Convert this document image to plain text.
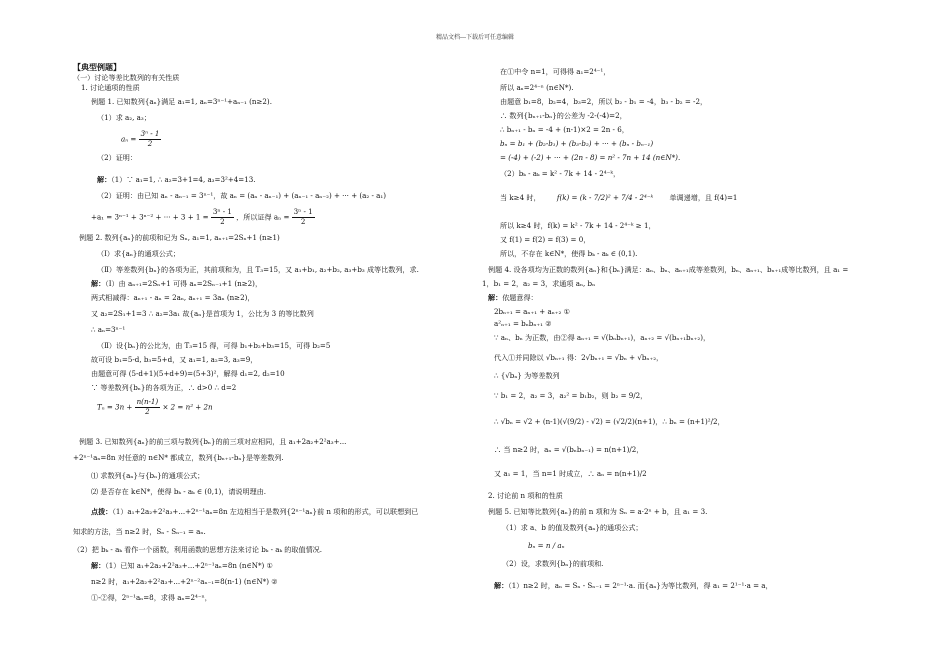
精品文档---下载后可任意编辑
【典型例题】
（一）讨论等差比数列的有关性质
1. 讨论通项的性质
例题 1. 已知数列{aₙ}满足 a₁=1, aₙ=3ⁿ⁻¹+aₙ₋₁ (n≥2).
（1）求 a₂, a₃；
$a_n = \frac{\text{3ⁿ - 1}}{2}$
（2）证明：
解：（1）∵ a₁=1, ∴ a₂=3+1=4, a₃=3²+4=13.
（2）证明：由已知 aₙ - aₙ₋₁ = 3ⁿ⁻¹，故 aₙ = (aₙ - aₙ₋₁) + (aₙ₋₁ - aₙ₋₂) + ··· + (a₂ - a₁)
+a₁ = 3ⁿ⁻¹ + 3ⁿ⁻² + ··· + $3 + 1 = \frac{\text{3ⁿ - 1}}{2}$ ，所以证得 $a_n = \frac{\text{3ⁿ - 1}}{2}$
例题 2. 数列{aₙ}的前项和记为 Sₙ, a₁=1, aₙ₊₁=2Sₙ+1 (n≥1)
（Ⅰ）求{aₙ}的通项公式；
（Ⅱ）等差数列{bₙ}的各项为正，其前项和为，且 T₃=15，又 a₁+b₁, a₂+b₂, a₃+b₃ 成等比数列，求.
解：（Ⅰ）由 aₙ₊₁=2Sₙ+1 可得 aₙ=2Sₙ₋₁+1 (n≥2)，
两式相减得：aₙ₊₁ - aₙ = 2aₙ, aₙ₊₁ = 3aₙ (n≥2)，
又 a₂=2S₁+1=3 ∴ a₂=3a₁ 故{aₙ}是首项为 1，公比为 3 的等比数列
∴ aₙ=3ⁿ⁻¹
（Ⅱ）设{bₙ}的公比为，由 T₃=15 得，可得 b₁+b₂+b₃=15，可得 b₂=5
故可设 b₁=5-d, b₃=5+d，又 a₁=1, a₂=3, a₃=9，
由题意可得 (5-d+1)(5+d+9)=(5+3)²，解得 d₁=2, d₂=10
∵ 等差数列{bₙ}的各项为正，∴ d>0 ∴ d=2
$T_n = 3n + \frac{n(n-1)}{2} \times 2 = n^2 + 2n$
例题 3. 已知数列{aₙ}的前三项与数列{bₙ}的前三项对应相同，且 a₁+2a₂+2²a₃+...
+2ⁿ⁻¹aₙ=8n 对任意的 n∈N* 都成立，数列{bₙ₊₁-bₙ}是等差数列.
⑴ 求数列{aₙ}与{bₙ}的通项公式；
⑵ 是否存在 k∈N*，使得 bₖ - aₖ ∈ (0,1)，请说明理由.
点拨：（1）a₁+2a₂+2²a₃+...+2ⁿ⁻¹aₙ=8n 左边相当于是数列{2ⁿ⁻¹aₙ}前 n 项和的形式，可以联想到已
知求的方法，当 n≥2 时，Sₙ - Sₙ₋₁ = aₙ.
（2）把 bₖ - aₖ 看作一个函数，利用函数的思想方法来讨论 bₖ - aₖ 的取值情况.
解：（1）已知 a₁+2a₂+2²a₃+...+2ⁿ⁻¹aₙ=8n (n∈N*) ①
n≥2 时，a₁+2a₂+2²a₃+...+2ⁿ⁻²aₙ₋₁=8(n-1) (n∈N*) ②
①-②得，2ⁿ⁻¹aₙ=8，求得 aₙ=2⁴⁻ⁿ，
在①中令 n=1，可得得 a₁=2⁴⁻¹，
所以 aₙ=2⁴⁻ⁿ (n∈N*).
由题意 b₁=8，b₂=4，b₃=2，所以 b₂ - b₁ = -4，b₃ - b₂ = -2，
∴ 数列{bₙ₊₁-bₙ}的公差为 -2-(-4)=2，
∴ bₙ₊₁ - bₙ = -4 + (n-1)×2 = 2n - 6，
bₙ = b₁ + (b₂-b₁) + (b₃-b₂) + ··· + (bₙ - bₙ₋₁)
= (-4) + (-2) + ··· + (2n - 8) = n² - 7n + 14 (n∈N*).
（2）bₖ - aₖ = k² - 7k + 14 - 2⁴⁻ᵏ，
当 k≥4 时， f(k) = (k - 7/2)² + 7/4 - 2⁴⁻ᵏ 单调递增，且 f(4)=1
所以 k≥4 时，f(k) = k² - 7k + 14 - 2⁴⁻ᵏ ≥ 1，
又 f(1) = f(2) = f(3) = 0，
所以，不存在 k∈N*，使得 bₖ - aₖ ∈ (0,1).
例题 4. 设各项均为正数的数列{aₙ}和{bₙ}满足：aₙ、bₙ、aₙ₊₁成等差数列，bₙ、aₙ₊₁、bₙ₊₁成等比数列，且 a₁ =
1，b₁ = 2，a₂ = 3，求通项 aₙ, bₙ
解：依题意得：
2bₙ₊₁ = aₙ₊₁ + aₙ₊₂ ①
a²ₙ₊₁ = bₙbₙ₊₁ ②
∵ aₙ、bₙ 为正数，由②得 aₙ₊₁ = √(bₙbₙ₊₁)，aₙ₊₂ = √(bₙ₊₁bₙ₊₂)，
代入①并同除以 √bₙ₊₁ 得：2√bₙ₊₁ = √bₙ + √bₙ₊₂，
∴ {√bₙ} 为等差数列
∵ b₁ = 2，a₂ = 3，a₂² = b₁b₂，则 b₂ = 9/2，
∴ √bₙ = √2 + (n-1)(√(9/2) - √2) = (√2/2)(n+1)，∴ bₙ = (n+1)²/2，
∴ 当 n≥2 时，aₙ = √(bₙbₙ₋₁) = n(n+1)/2，
又 a₁ = 1，当 n=1 时成立，∴ aₙ = n(n+1)/2
2. 讨论前 n 项和的性质
例题 5. 已知等比数列{aₙ}的前 n 项和为 Sₙ = a·2ⁿ + b，且 a₁ = 3.
（1）求 a、b 的值及数列{aₙ}的通项公式；
bₙ = n / aₙ
（2）设，求数列{bₙ}的前项和.
解：（1）n≥2 时，aₙ = Sₙ - Sₙ₋₁ = 2ⁿ⁻¹·a. 而{aₙ}为等比数列，得 a₁ = 2¹⁻¹·a = a，
